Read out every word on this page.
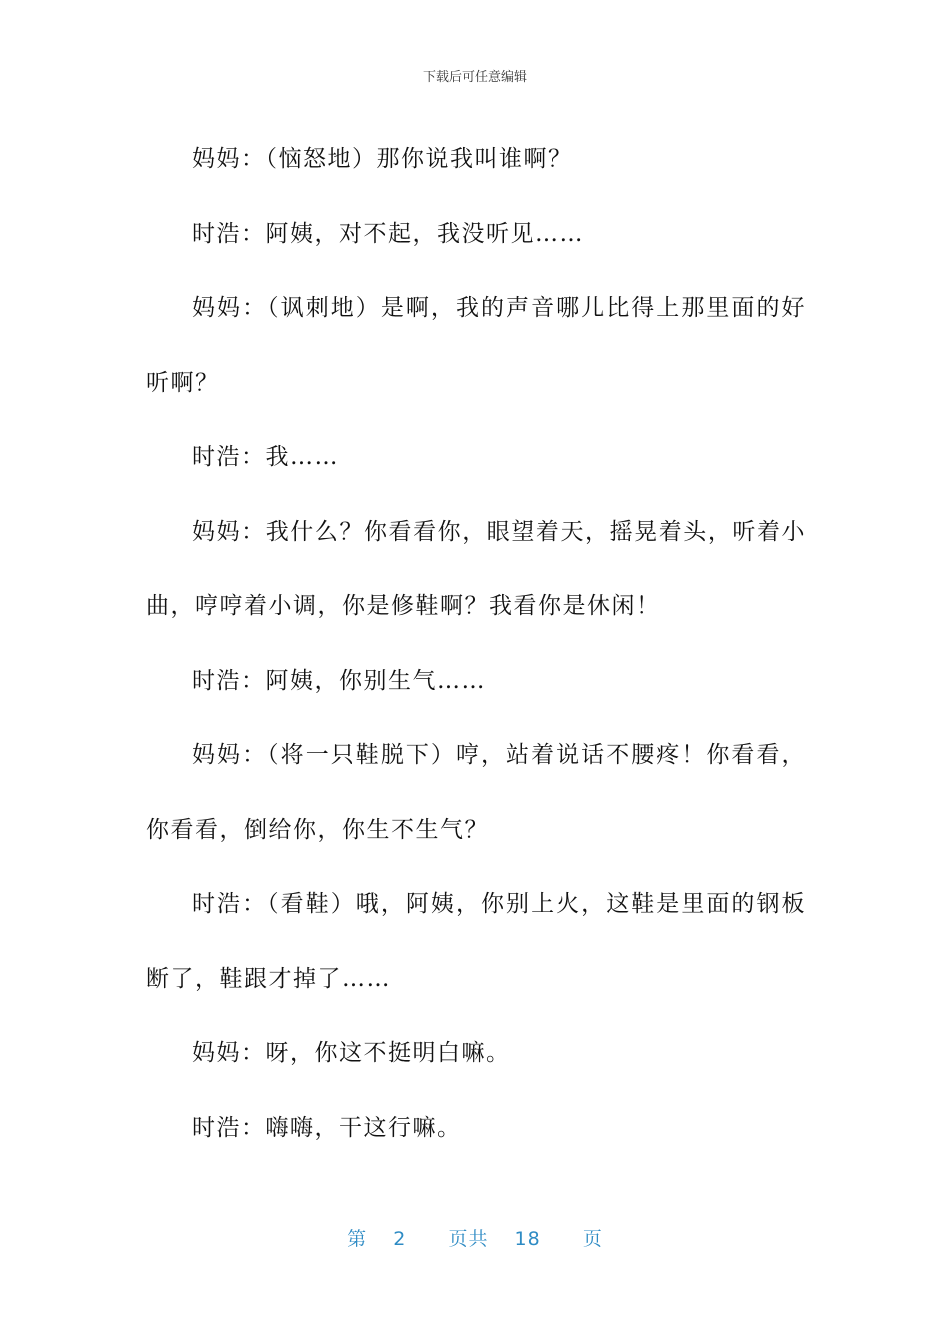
下载后可任意编辑

妈妈：（恼怒地）那你说我叫谁啊？

时浩：阿姨，对不起，我没听见……

妈妈：（讽刺地）是啊，我的声音哪儿比得上那里面的好听啊？

时浩：我……

妈妈：我什么？你看看你，眼望着天，摇晃着头，听着小曲，哼哼着小调，你是修鞋啊？我看你是休闲！

时浩：阿姨，你别生气……

妈妈：（将一只鞋脱下）哼，站着说话不腰疼！你看看，你看看，倒给你，你生不生气？

时浩：（看鞋）哦，阿姨，你别上火，这鞋是里面的钢板断了，鞋跟才掉了……

妈妈：呀，你这不挺明白嘛。

时浩：嗨嗨，干这行嘛。

第 2 页共 18 页
